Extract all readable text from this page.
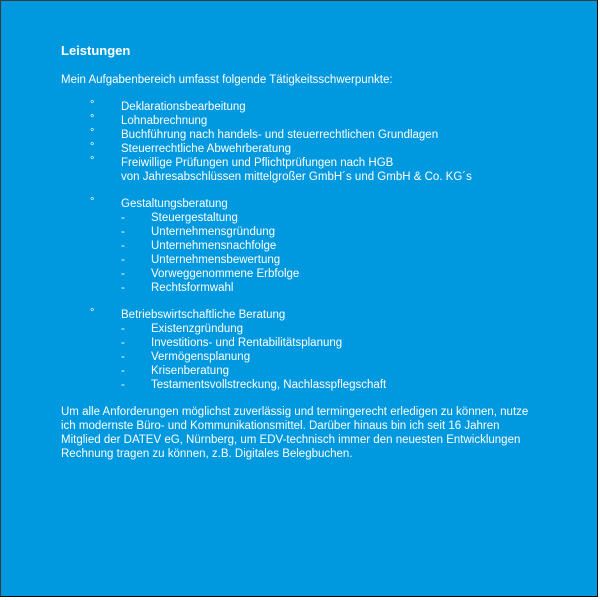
Leistungen
Mein Aufgabenbereich umfasst folgende Tätigkeitsschwerpunkte:
° Deklarationsbearbeitung
° Lohnabrechnung
° Buchführung nach handels- und steuerrechtlichen Grundlagen
° Steuerrechtliche Abwehrberatung
° Freiwillige Prüfungen und Pflichtprüfungen nach HGB
von Jahresabschlüssen mittelgroßer GmbH´s und GmbH & Co. KG´s
° Gestaltungsberatung
- Steuergestaltung
- Unternehmensgründung
- Unternehmensnachfolge
- Unternehmensbewertung
- Vorweggenommene Erbfolge
- Rechtsformwahl
° Betriebswirtschaftliche Beratung
- Existenzgründung
- Investitions- und Rentabilitätsplanung
- Vermögensplanung
- Krisenberatung
- Testamentsvollstreckung, Nachlasspflegschaft
Um alle Anforderungen möglichst zuverlässig und termingerecht erledigen zu können, nutze ich modernste Büro- und Kommunikationsmittel. Darüber hinaus bin ich seit 16 Jahren Mitglied der DATEV eG, Nürnberg, um EDV-technisch immer den neuesten Entwicklungen Rechnung tragen zu können, z.B. Digitales Belegbuchen.
